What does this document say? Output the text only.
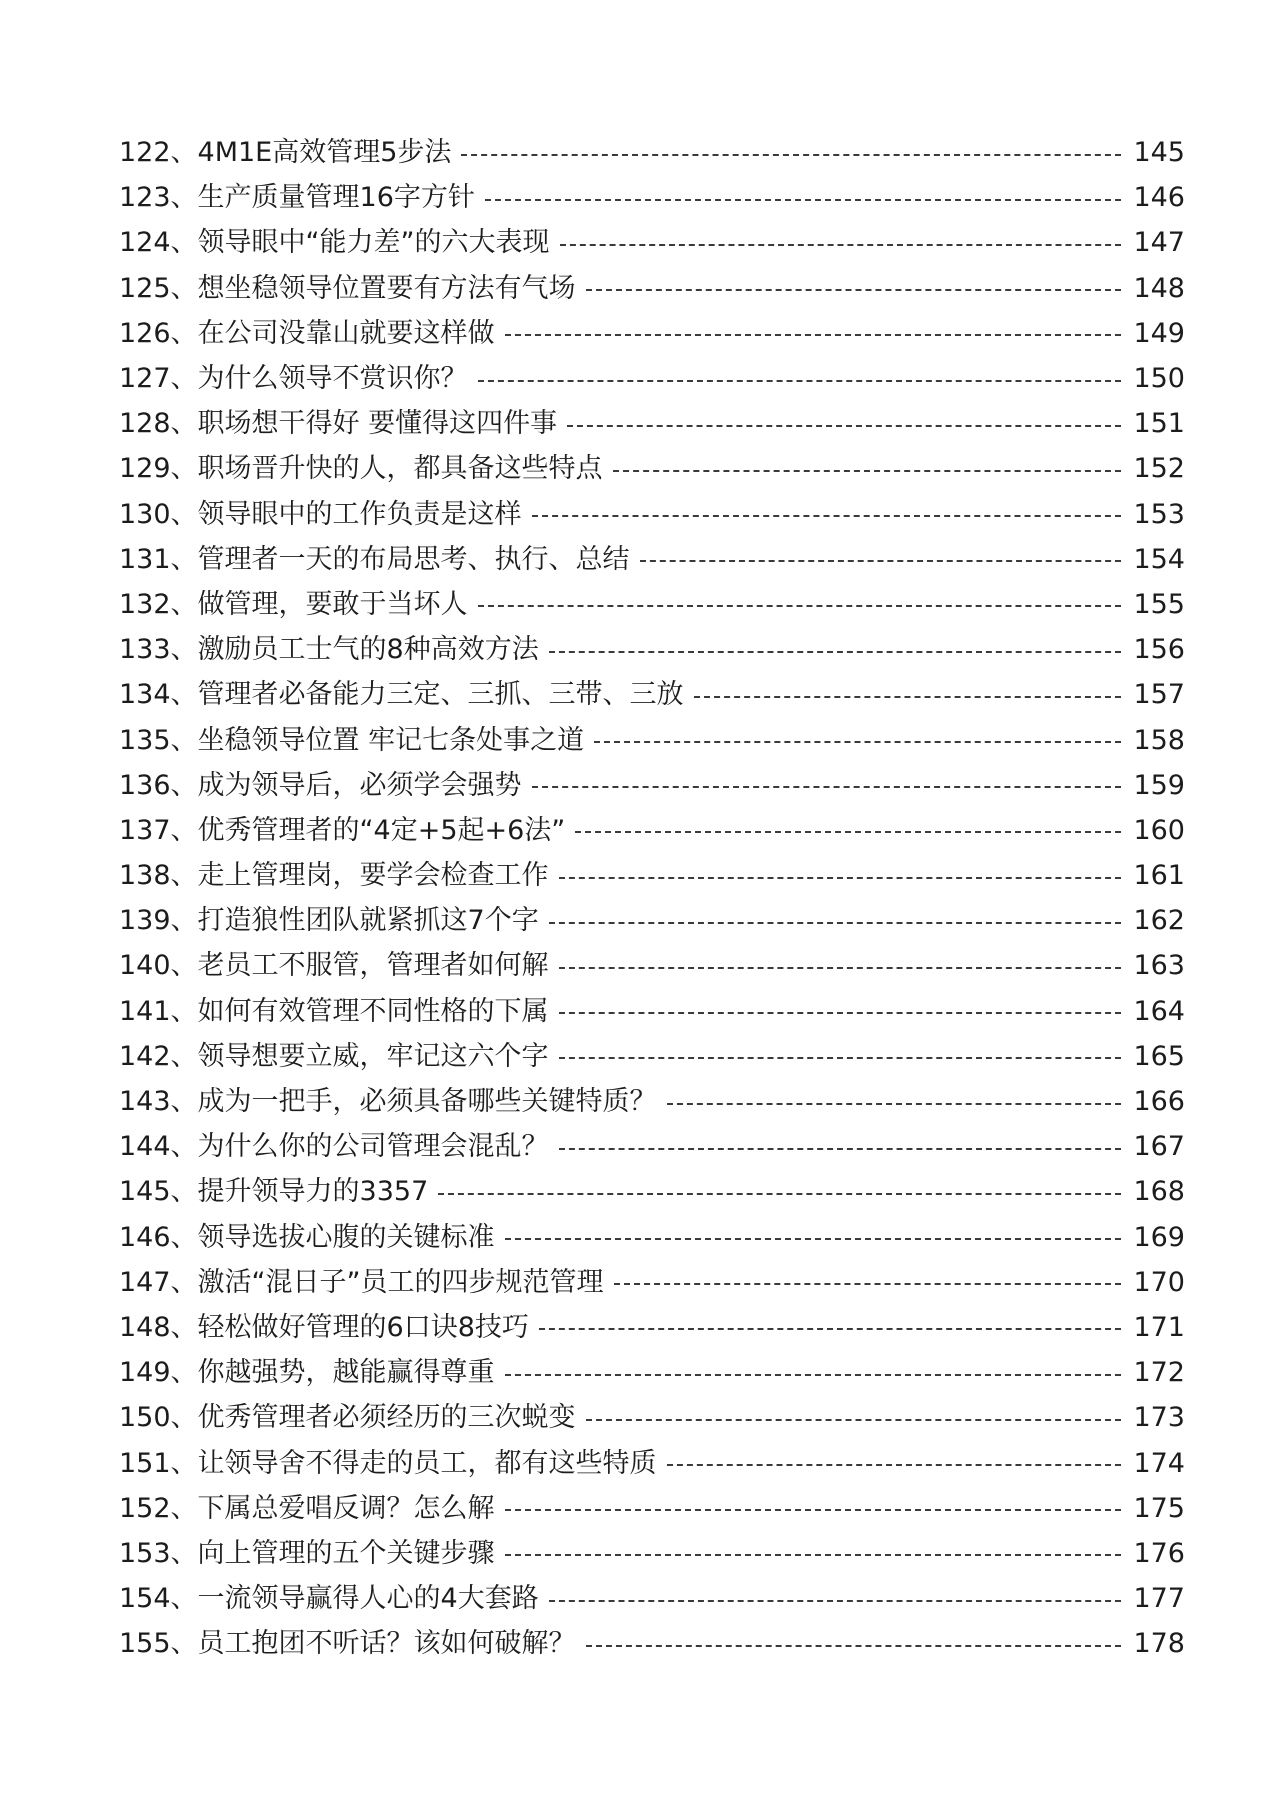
122、4M1E高效管理5步法	145
123、生产质量管理16字方针	146
124、领导眼中“能力差”的六大表现	147
125、想坐稳领导位置要有方法有气场	148
126、在公司没靠山就要这样做	149
127、为什么领导不赏识你？	150
128、职场想干得好 要懂得这四件事	151
129、职场晋升快的人，都具备这些特点	152
130、领导眼中的工作负责是这样	153
131、管理者一天的布局思考、执行、总结	154
132、做管理，要敢于当坏人	155
133、激励员工士气的8种高效方法	156
134、管理者必备能力三定、三抓、三带、三放	157
135、坐稳领导位置 牢记七条处事之道	158
136、成为领导后，必须学会强势	159
137、优秀管理者的“4定+5起+6法”	160
138、走上管理岗，要学会检查工作	161
139、打造狼性团队就紧抓这7个字	162
140、老员工不服管，管理者如何解	163
141、如何有效管理不同性格的下属	164
142、领导想要立威，牢记这六个字	165
143、成为一把手，必须具备哪些关键特质？	166
144、为什么你的公司管理会混乱？	167
145、提升领导力的3357	168
146、领导选拔心腹的关键标准	169
147、激活“混日子”员工的四步规范管理	170
148、轻松做好管理的6口诀8技巧	171
149、你越强势，越能赢得尊重	172
150、优秀管理者必须经历的三次蜕变	173
151、让领导舍不得走的员工，都有这些特质	174
152、下属总爱唱反调？怎么解	175
153、向上管理的五个关键步骤	176
154、一流领导赢得人心的4大套路	177
155、员工抱团不听话？该如何破解？	178
